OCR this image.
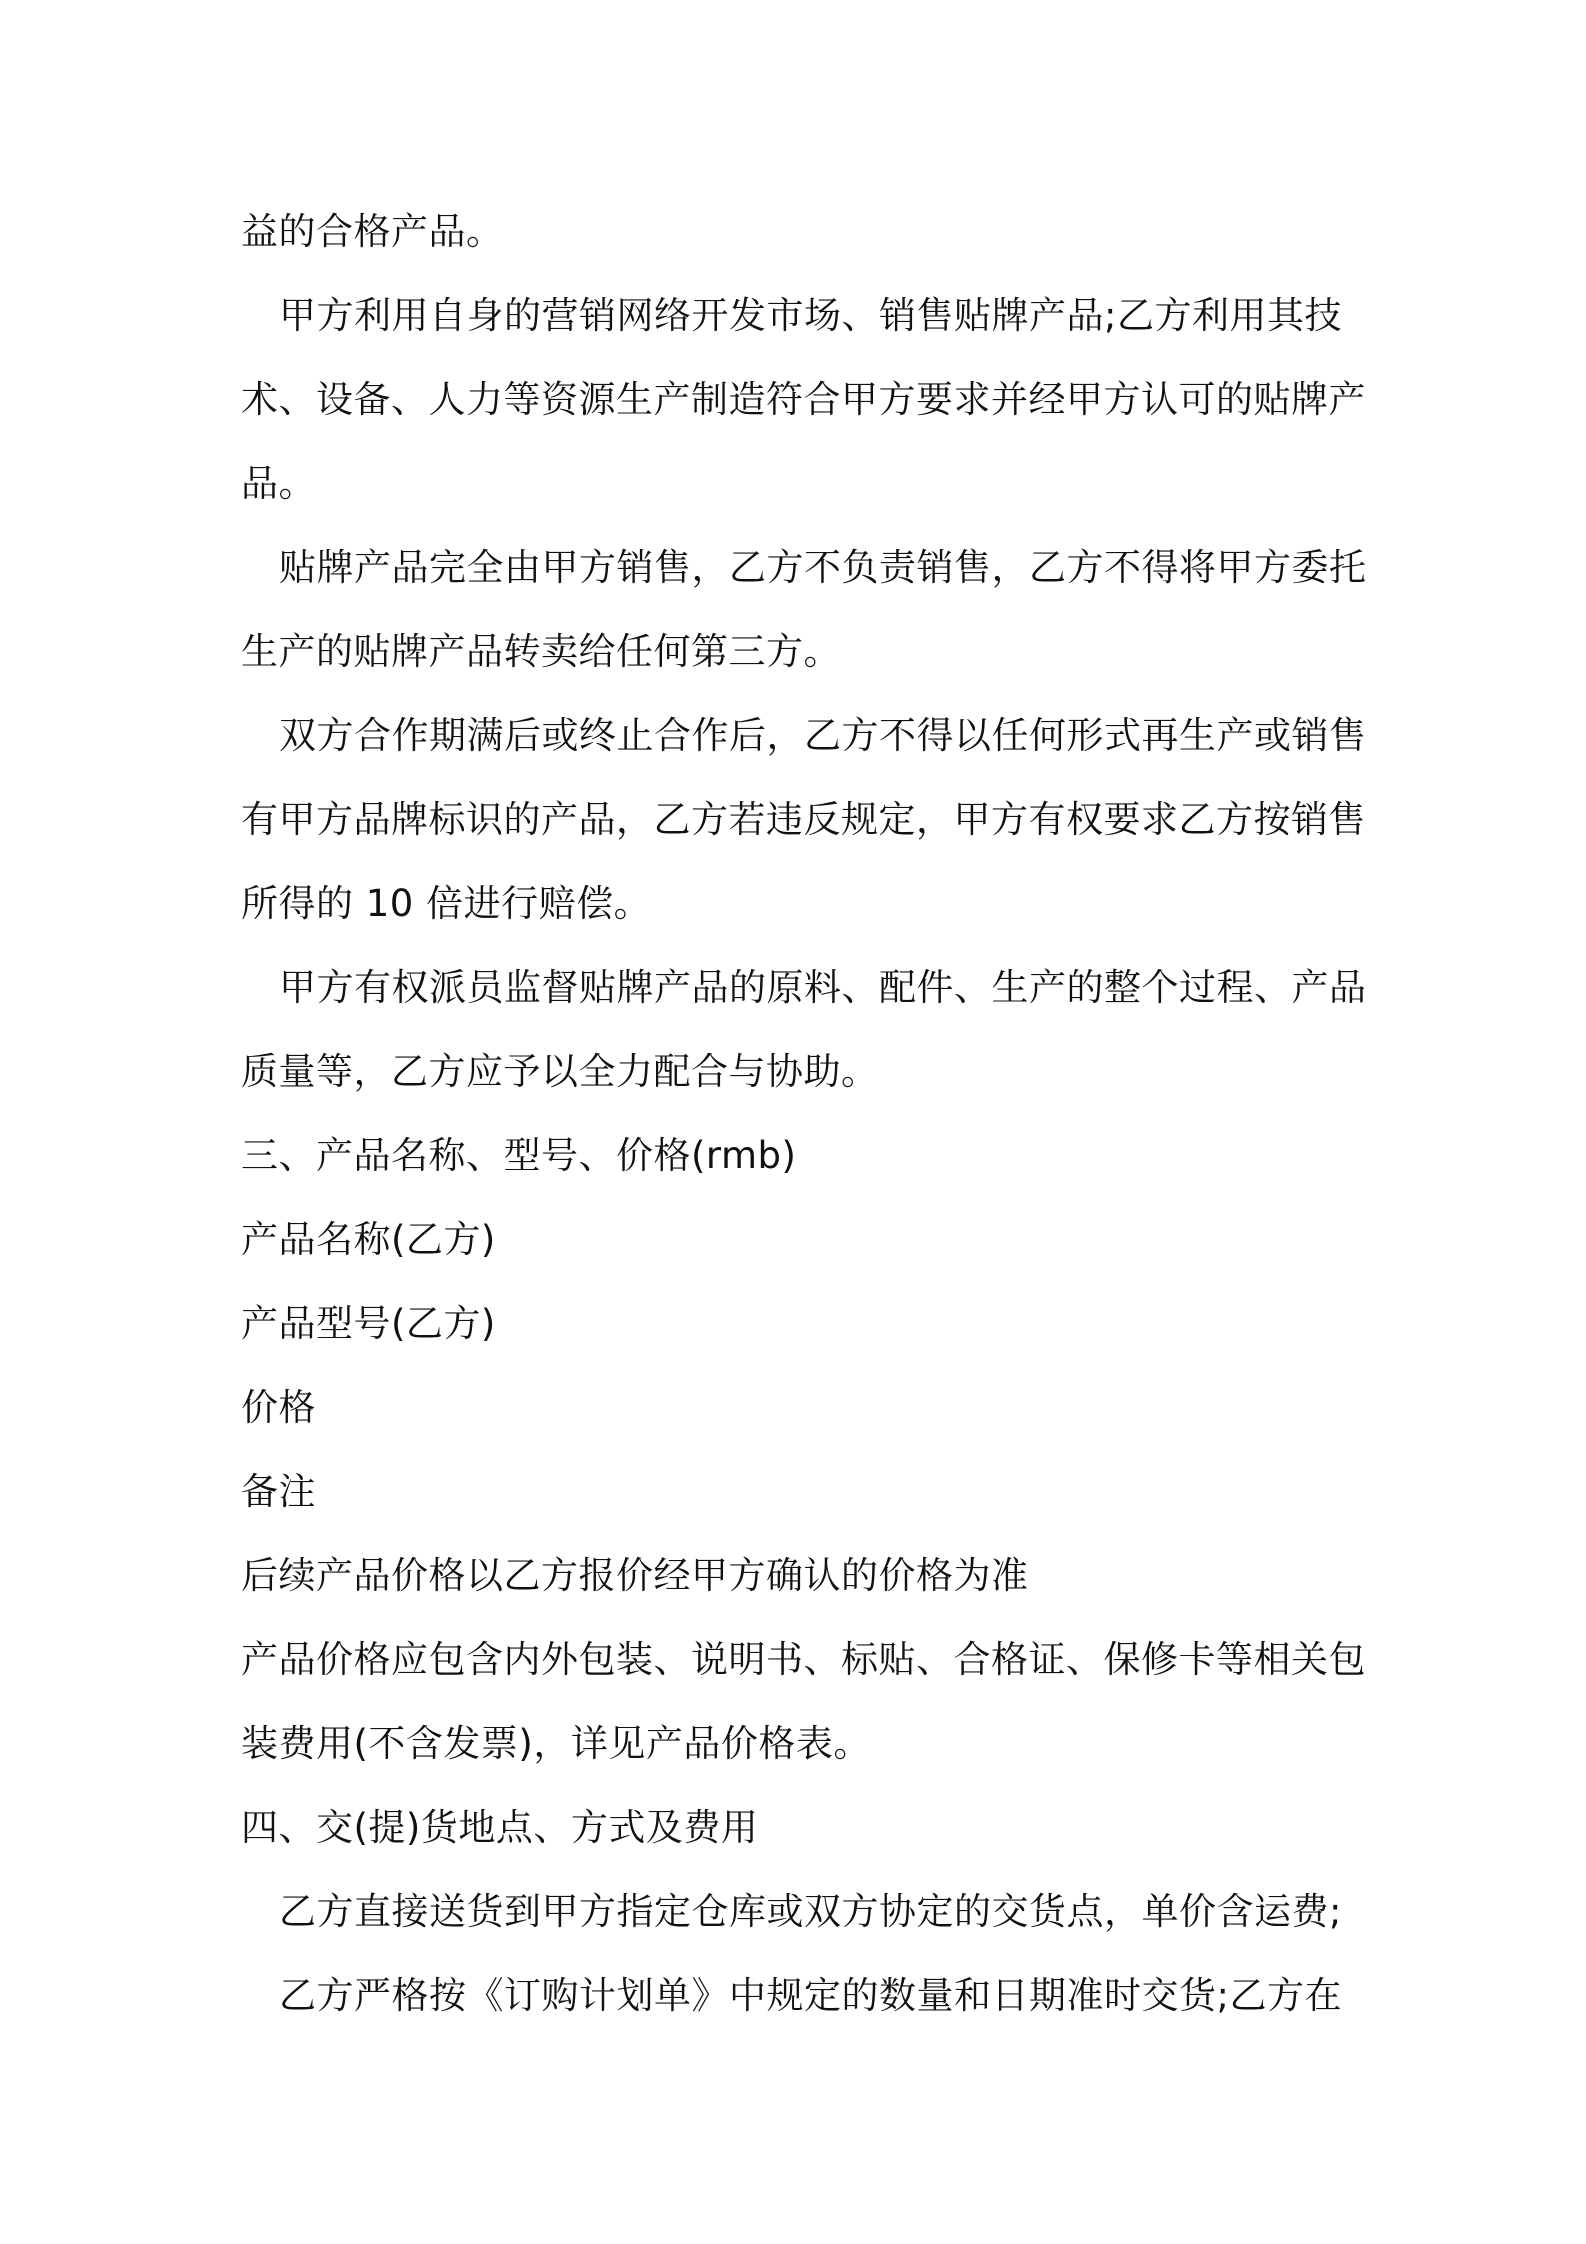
益的合格产品。
甲方利用自身的营销网络开发市场、销售贴牌产品;乙方利用其技
术、设备、人力等资源生产制造符合甲方要求并经甲方认可的贴牌产
品。
贴牌产品完全由甲方销售，乙方不负责销售，乙方不得将甲方委托
生产的贴牌产品转卖给任何第三方。
双方合作期满后或终止合作后，乙方不得以任何形式再生产或销售
有甲方品牌标识的产品，乙方若违反规定，甲方有权要求乙方按销售
所得的 10 倍进行赔偿。
甲方有权派员监督贴牌产品的原料、配件、生产的整个过程、产品
质量等，乙方应予以全力配合与协助。
三、产品名称、型号、价格(rmb)
产品名称(乙方)
产品型号(乙方)
价格
备注
后续产品价格以乙方报价经甲方确认的价格为准
产品价格应包含内外包装、说明书、标贴、合格证、保修卡等相关包
装费用(不含发票)，详见产品价格表。
四、交(提)货地点、方式及费用
乙方直接送货到甲方指定仓库或双方协定的交货点，单价含运费;
乙方严格按《订购计划单》中规定的数量和日期准时交货;乙方在
